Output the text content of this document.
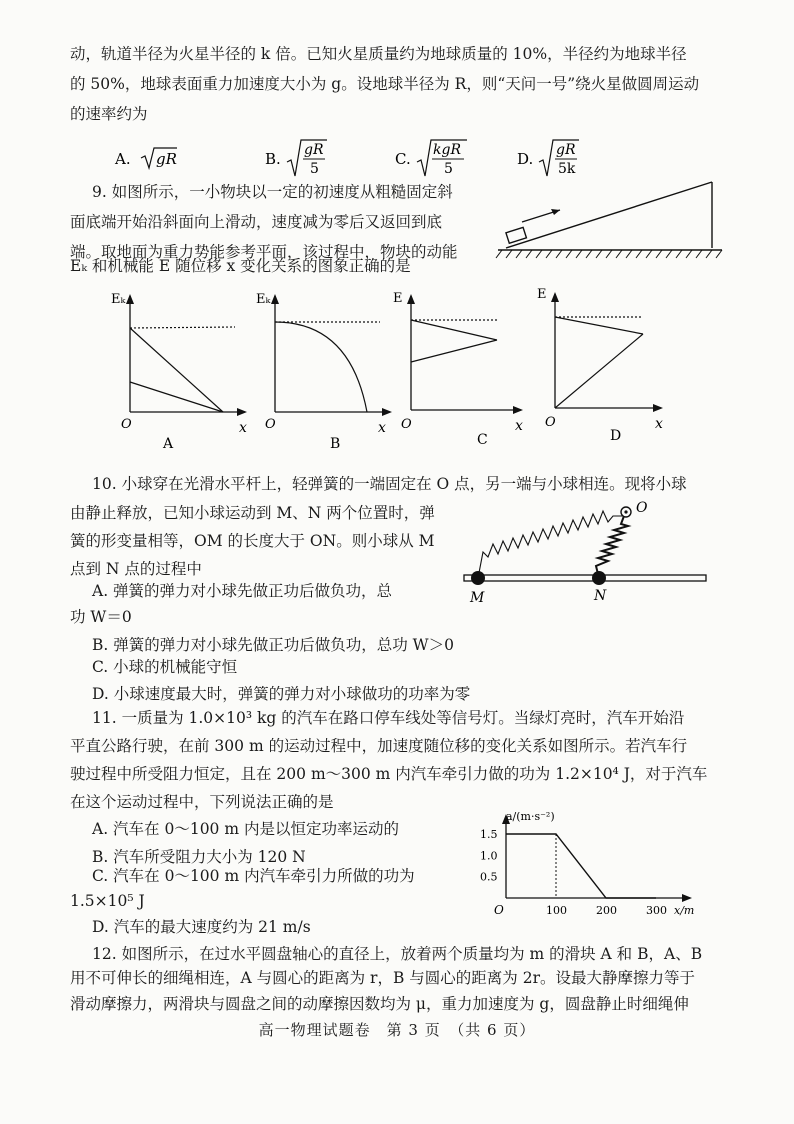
动，轨道半径为火星半径的 k 倍。已知火星质量约为地球质量的 10%，半径约为地球半径
的 50%，地球表面重力加速度大小为 g。设地球半径为 R，则“天问一号”绕火星做圆周运动
的速率约为
A. gR	B. gR
5
C. kgR
5
D. gR
5k
9. 如图所示，一小物块以一定的初速度从粗糙固定斜
面底端开始沿斜面向上滑动，速度减为零后又返回到底
端。取地面为重力势能参考平面，该过程中，物块的动能
Eₖ 和机械能 E 随位移 x 变化关系的图象正确的是
Eₖ
O	x
A
Eₖ
O	x
B
E
O	x
C
E
O	x
D
10. 小球穿在光滑水平杆上，轻弹簧的一端固定在 O 点，另一端与小球相连。现将小球
由静止释放，已知小球运动到 M、N 两个位置时，弹
簧的形变量相等，OM 的长度大于 ON。则小球从 M
点到 N 点的过程中
A. 弹簧的弹力对小球先做正功后做负功，总
功 W＝0
B. 弹簧的弹力对小球先做正功后做负功，总功 W＞0
C. 小球的机械能守恒
D. 小球速度最大时，弹簧的弹力对小球做功的功率为零
O
M	N
11. 一质量为 1.0×10³ kg 的汽车在路口停车线处等信号灯。当绿灯亮时，汽车开始沿
平直公路行驶，在前 300 m 的运动过程中，加速度随位移的变化关系如图所示。若汽车行
驶过程中所受阻力恒定，且在 200 m～300 m 内汽车牵引力做的功为 1.2×10⁴ J，对于汽车
在这个运动过程中，下列说法正确的是
A. 汽车在 0～100 m 内是以恒定功率运动的
B. 汽车所受阻力大小为 120 N
C. 汽车在 0～100 m 内汽车牵引力所做的功为
1.5×10⁵ J
D. 汽车的最大速度约为 21 m/s
a/(m·s⁻²)
x/m
O
1.5
1.0
0.5
100	200	300
12. 如图所示，在过水平圆盘轴心的直径上，放着两个质量均为 m 的滑块 A 和 B，A、B
用不可伸长的细绳相连，A 与圆心的距离为 r，B 与圆心的距离为 2r。设最大静摩擦力等于
滑动摩擦力，两滑块与圆盘之间的动摩擦因数均为 μ，重力加速度为 g，圆盘静止时细绳伸
高一物理试题卷　第 3 页　（共 6 页）
